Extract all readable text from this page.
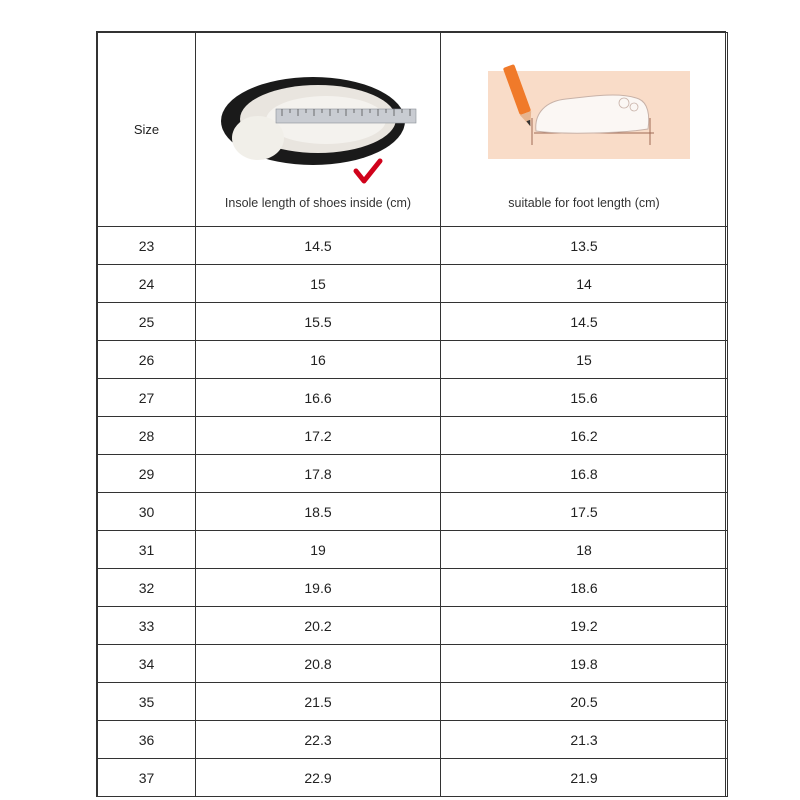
Size	Insole length of shoes inside (cm)	suitable for foot length (cm)

23	14.5	13.5
24	15	14
25	15.5	14.5
26	16	15
27	16.6	15.6
28	17.2	16.2
29	17.8	16.8
30	18.5	17.5
31	19	18
32	19.6	18.6
33	20.2	19.2
34	20.8	19.8
35	21.5	20.5
36	22.3	21.3
37	22.9	21.9
